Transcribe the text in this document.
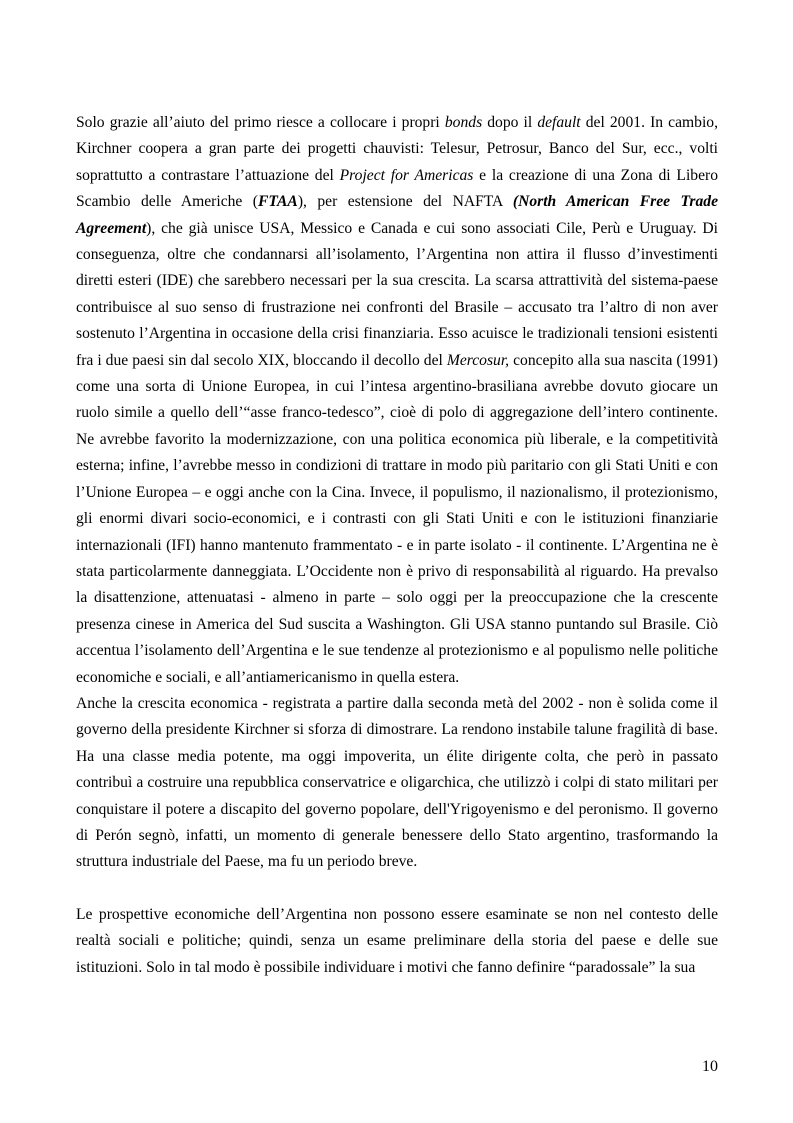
Solo grazie all’aiuto del primo riesce a collocare i propri bonds dopo il default del 2001. In cambio, Kirchner coopera a gran parte dei progetti chauvisti: Telesur, Petrosur, Banco del Sur, ecc., volti soprattutto a contrastare l’attuazione del Project for Americas e la creazione di una Zona di Libero Scambio delle Americhe (FTAA), per estensione del NAFTA (North American Free Trade Agreement), che già unisce USA, Messico e Canada e cui sono associati Cile, Perù e Uruguay. Di conseguenza, oltre che condannarsi all’isolamento, l’Argentina non attira il flusso d’investimenti diretti esteri (IDE) che sarebbero necessari per la sua crescita. La scarsa attrattività del sistema-paese contribuisce al suo senso di frustrazione nei confronti del Brasile – accusato tra l’altro di non aver sostenuto l’Argentina in occasione della crisi finanziaria. Esso acuisce le tradizionali tensioni esistenti fra i due paesi sin dal secolo XIX, bloccando il decollo del Mercosur, concepito alla sua nascita (1991) come una sorta di Unione Europea, in cui l’intesa argentino-brasiliana avrebbe dovuto giocare un ruolo simile a quello dell’“asse franco-tedesco”, cioè di polo di aggregazione dell’intero continente. Ne avrebbe favorito la modernizzazione, con una politica economica più liberale, e la competitività esterna; infine, l’avrebbe messo in condizioni di trattare in modo più paritario con gli Stati Uniti e con l’Unione Europea – e oggi anche con la Cina. Invece, il populismo, il nazionalismo, il protezionismo, gli enormi divari socio-economici, e i contrasti con gli Stati Uniti e con le istituzioni finanziarie internazionali (IFI) hanno mantenuto frammentato - e in parte isolato - il continente. L’Argentina ne è stata particolarmente danneggiata. L’Occidente non è privo di responsabilità al riguardo. Ha prevalso la disattenzione, attenuatasi - almeno in parte – solo oggi per la preoccupazione che la crescente presenza cinese in America del Sud suscita a Washington. Gli USA stanno puntando sul Brasile. Ciò accentua l’isolamento dell’Argentina e le sue tendenze al protezionismo e al populismo nelle politiche economiche e sociali, e all’antiamericanismo in quella estera.

Anche la crescita economica - registrata a partire dalla seconda metà del 2002 - non è solida come il governo della presidente Kirchner si sforza di dimostrare. La rendono instabile talune fragilità di base. Ha una classe media potente, ma oggi impoverita, un élite dirigente colta, che però in passato contribuì a costruire una repubblica conservatrice e oligarchica, che utilizzò i colpi di stato militari per conquistare il potere a discapito del governo popolare, dell'Yrigoyenismo e del peronismo. Il governo di Perón segnò, infatti, un momento di generale benessere dello Stato argentino, trasformando la struttura industriale del Paese, ma fu un periodo breve.

Le prospettive economiche dell’Argentina non possono essere esaminate se non nel contesto delle realtà sociali e politiche; quindi, senza un esame preliminare della storia del paese e delle sue istituzioni. Solo in tal modo è possibile individuare i motivi che fanno definire “paradossale” la sua

10
